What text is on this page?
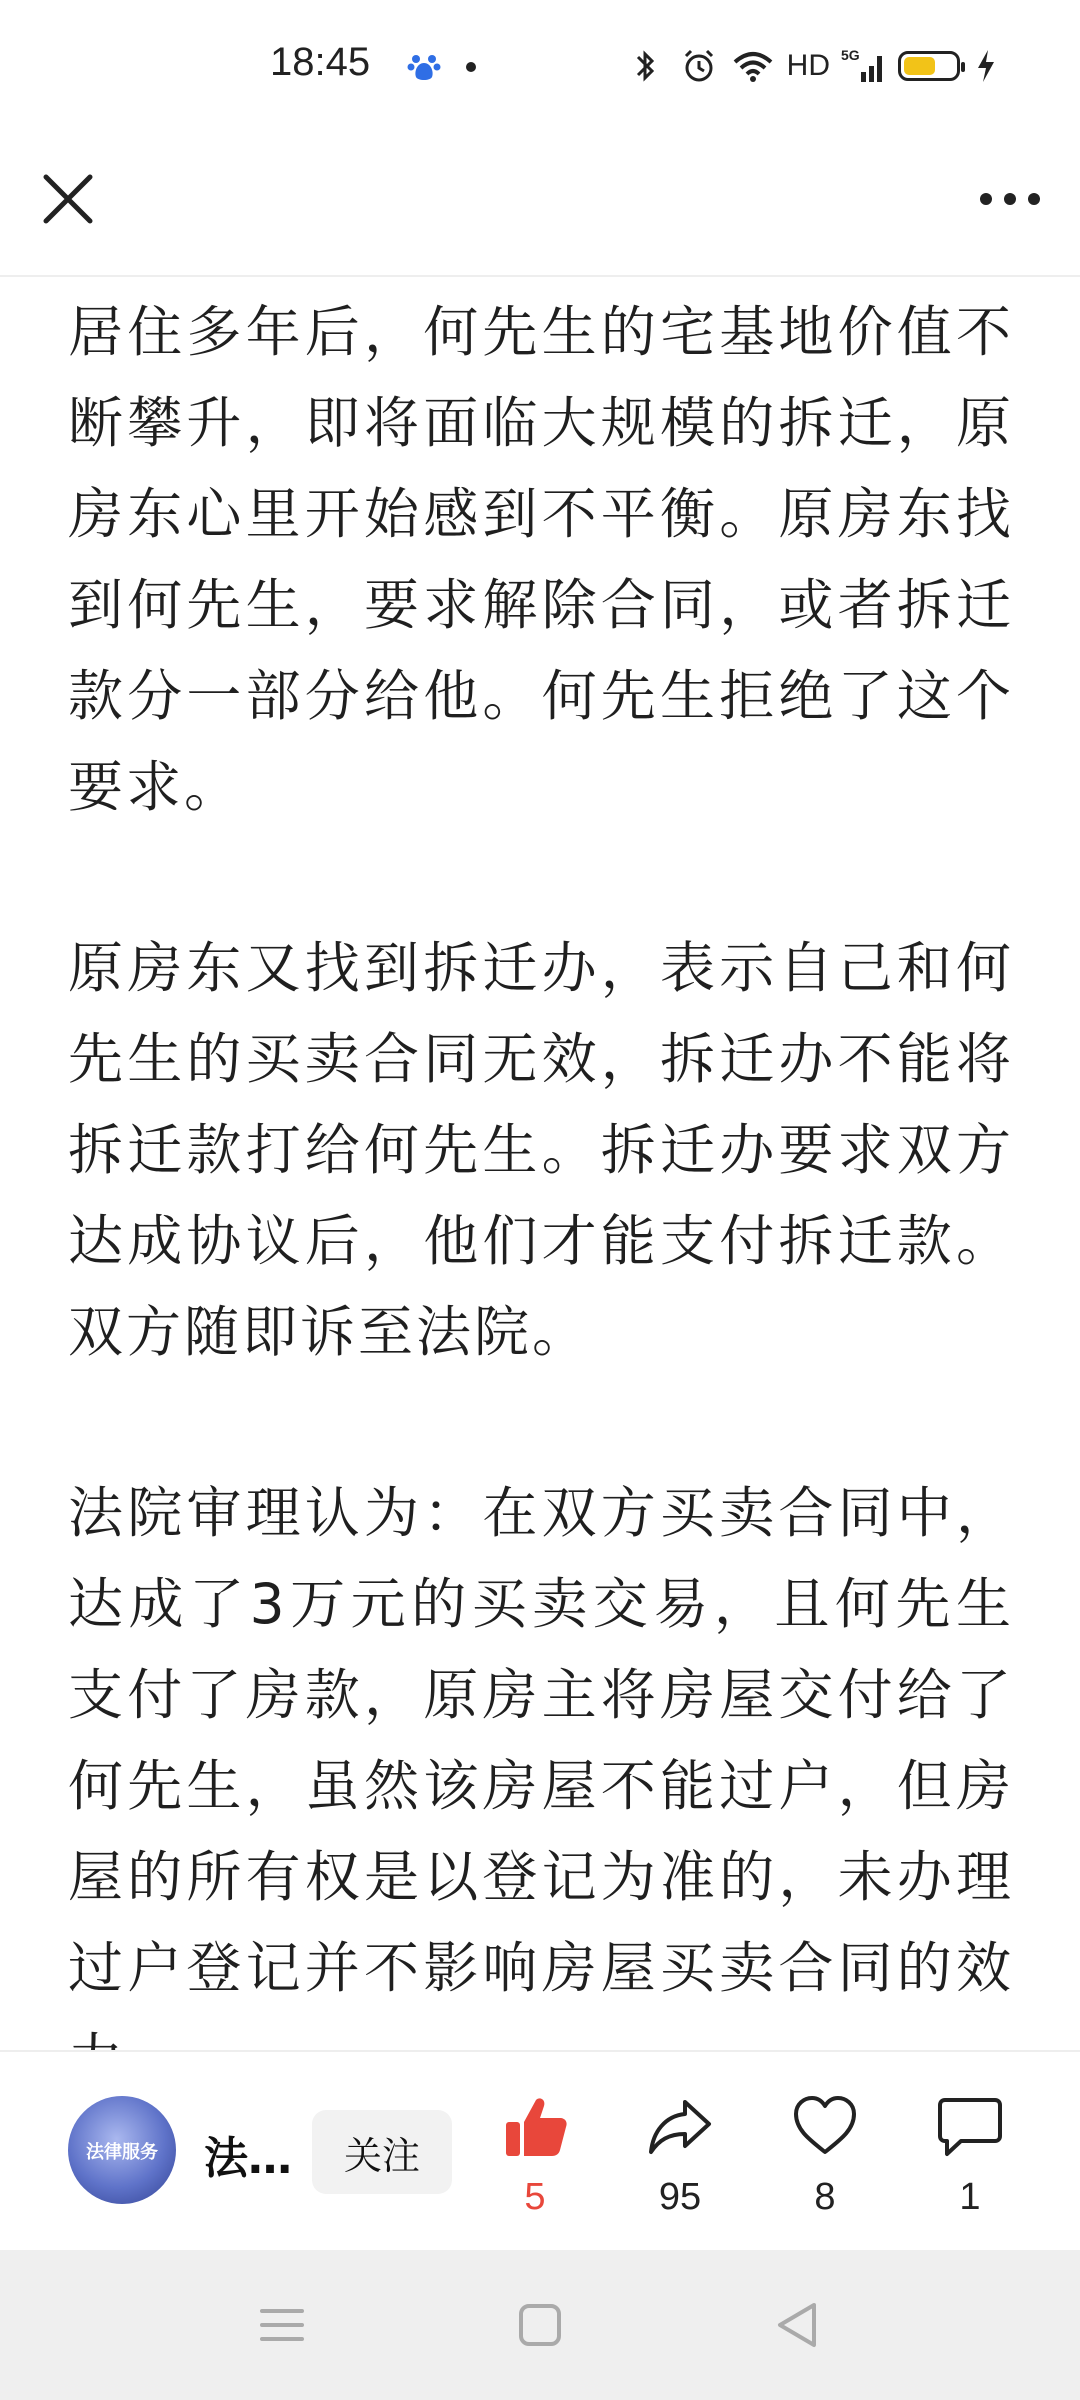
18:45	HD 5G

居住多年后，何先生的宅基地价值不断攀升，即将面临大规模的拆迁，原房东心里开始感到不平衡。原房东找到何先生，要求解除合同，或者拆迁款分一部分给他。何先生拒绝了这个要求。

原房东又找到拆迁办，表示自己和何先生的买卖合同无效，拆迁办不能将拆迁款打给何先生。拆迁办要求双方达成协议后，他们才能支付拆迁款。双方随即诉至法院。

法院审理认为：在双方买卖合同中，达成了3万元的买卖交易，且何先生支付了房款，原房主将房屋交付给了何先生，虽然该房屋不能过户，但房屋的所有权是以登记为准的，未办理过户登记并不影响房屋买卖合同的效

法律服务	法…	关注
5	95	8	1
